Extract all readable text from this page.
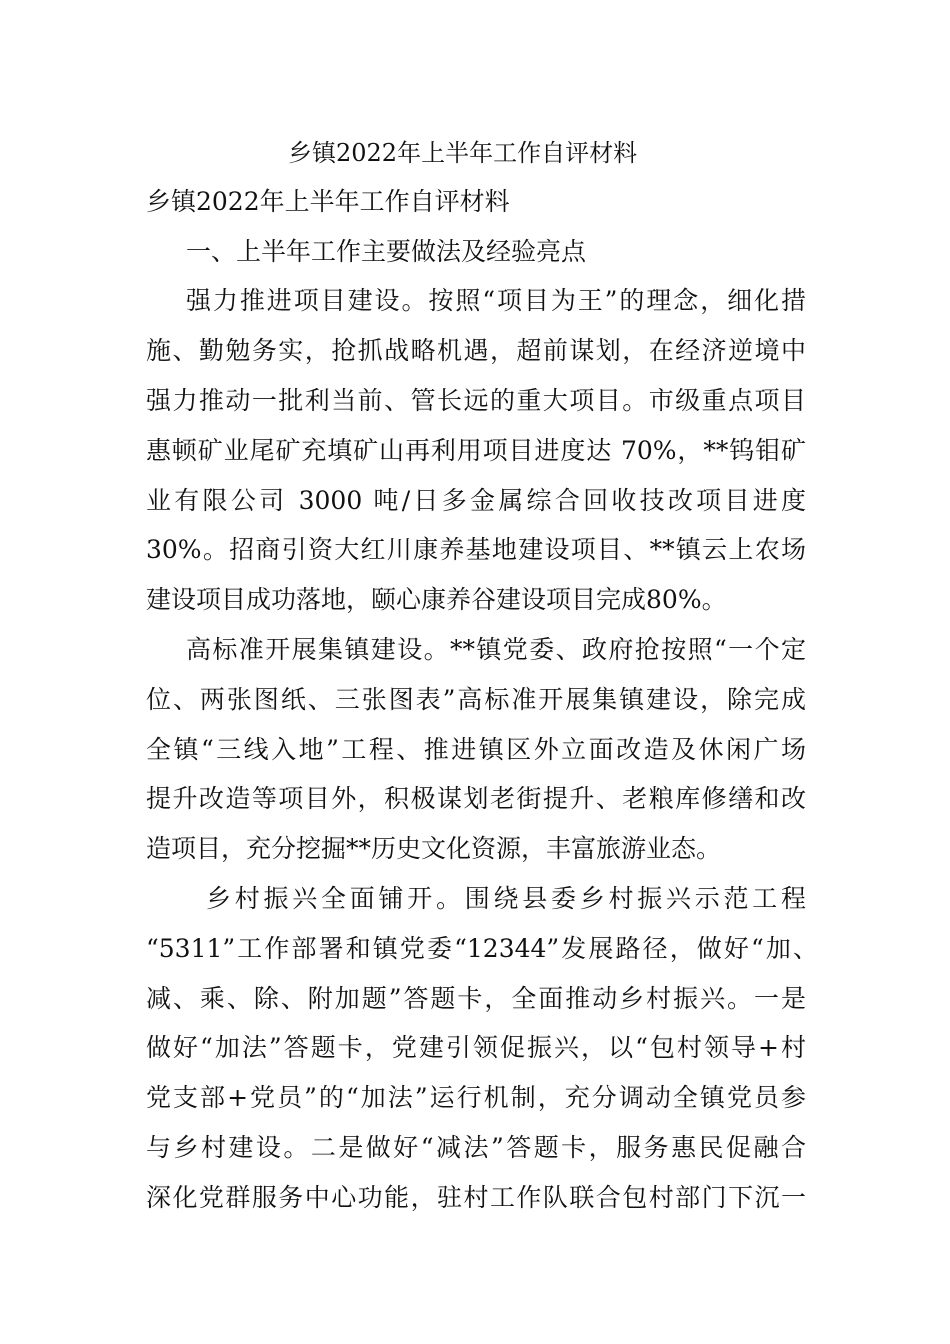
乡镇2022年上半年工作自评材料

乡镇2022年上半年工作自评材料

一、上半年工作主要做法及经验亮点

强力推进项目建设。按照“项目为王”的理念，细化措

施、勤勉务实，抢抓战略机遇，超前谋划，在经济逆境中

强力推动一批利当前、管长远的重大项目。市级重点项目

惠顿矿业尾矿充填矿山再利用项目进度达 70%，**钨钼矿

业有限公司 3000 吨/日多金属综合回收技改项目进度

30%。招商引资大红川康养基地建设项目、**镇云上农场

建设项目成功落地，颐心康养谷建设项目完成80%。

高标准开展集镇建设。**镇党委、政府抢按照“一个定

位、两张图纸、三张图表”高标准开展集镇建设，除完成

全镇“三线入地”工程、推进镇区外立面改造及休闲广场

提升改造等项目外，积极谋划老街提升、老粮库修缮和改

造项目，充分挖掘**历史文化资源，丰富旅游业态。

乡村振兴全面铺开。围绕县委乡村振兴示范工程

“5311”工作部署和镇党委“12344”发展路径，做好“加、

减、乘、除、附加题”答题卡，全面推动乡村振兴。一是

做好“加法”答题卡，党建引领促振兴，以“包村领导+村

党支部+党员”的“加法”运行机制，充分调动全镇党员参

与乡村建设。二是做好“减法”答题卡，服务惠民促融合

深化党群服务中心功能，驻村工作队联合包村部门下沉一
